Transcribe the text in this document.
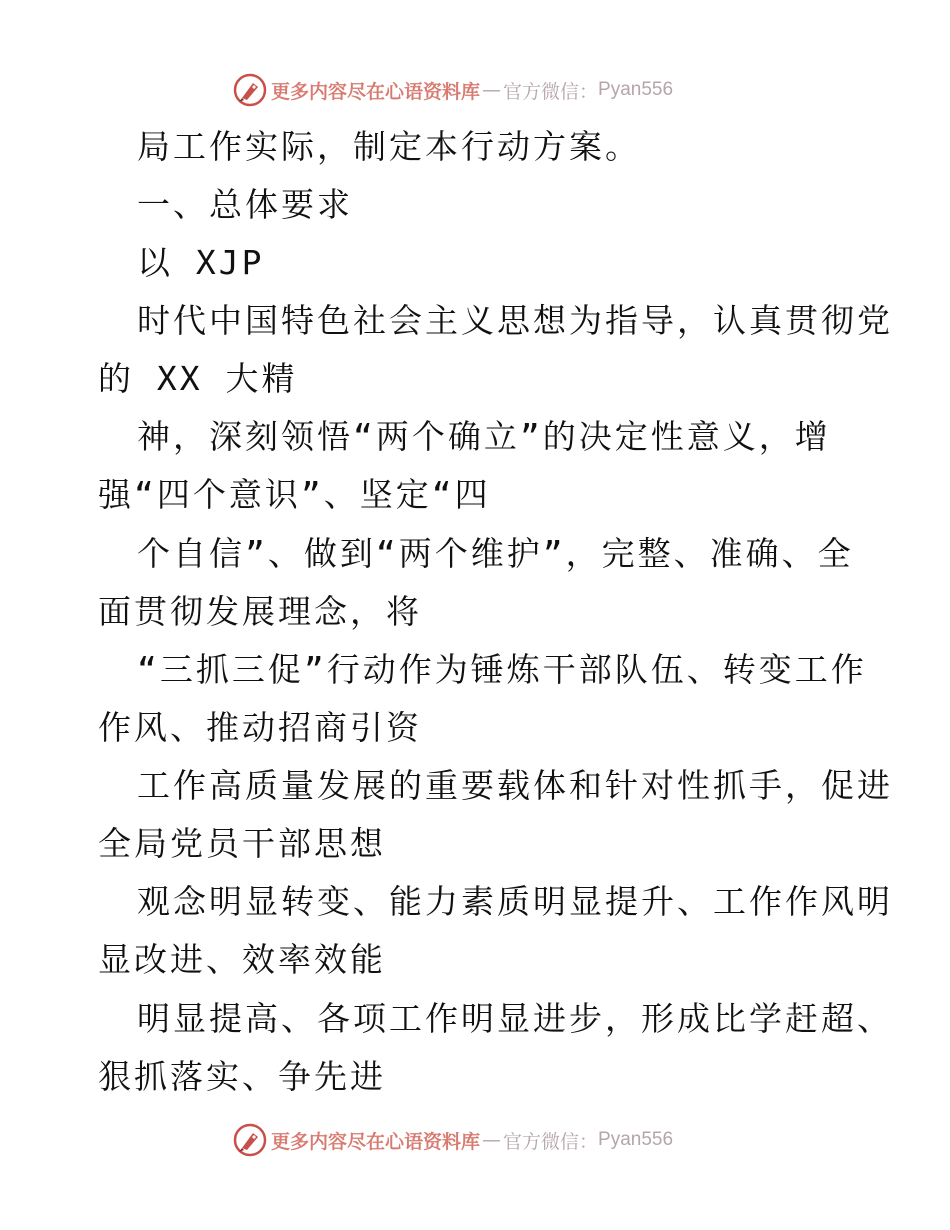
更多内容尽在心语资料库 — 官方微信： Pyan556
局工作实际，制定本行动方案。
一、总体要求
以 XJP
时代中国特色社会主义思想为指导，认真贯彻党
的 XX 大精
神，深刻领悟“两个确立”的决定性意义，增
强“四个意识”、坚定“四
个自信”、做到“两个维护”，完整、准确、全
面贯彻发展理念，将
“三抓三促”行动作为锤炼干部队伍、转变工作
作风、推动招商引资
工作高质量发展的重要载体和针对性抓手，促进
全局党员干部思想
观念明显转变、能力素质明显提升、工作作风明
显改进、效率效能
明显提高、各项工作明显进步，形成比学赶超、
狠抓落实、争先进
更多内容尽在心语资料库 — 官方微信： Pyan556
